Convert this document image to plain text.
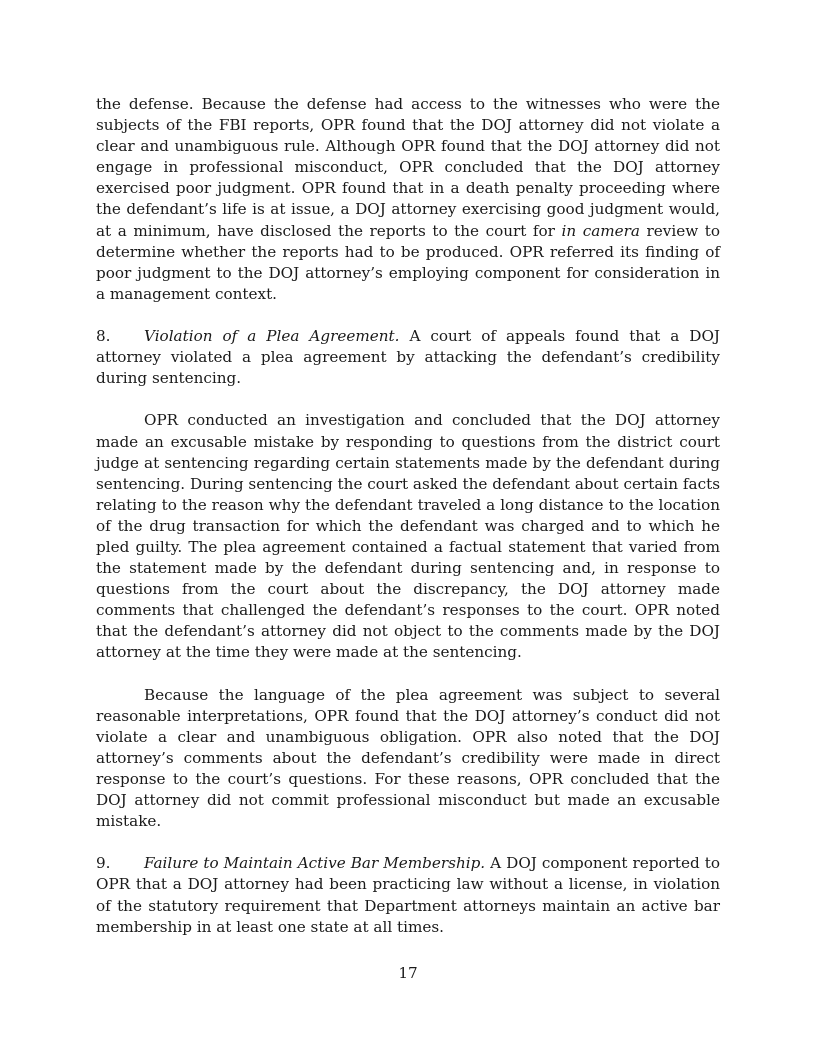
the defense. Because the defense had access to the witnesses who were the subjects of the FBI reports, OPR found that the DOJ attorney did not violate a clear and unambiguous rule. Although OPR found that the DOJ attorney did not engage in professional misconduct, OPR concluded that the DOJ attorney exercised poor judgment. OPR found that in a death penalty proceeding where the defendant’s life is at issue, a DOJ attorney exercising good judgment would, at a minimum, have disclosed the reports to the court for in camera review to determine whether the reports had to be produced. OPR referred its finding of poor judgment to the DOJ attorney’s employing component for consideration in a management context.

8. Violation of a Plea Agreement. A court of appeals found that a DOJ attorney violated a plea agreement by attacking the defendant’s credibility during sentencing.

OPR conducted an investigation and concluded that the DOJ attorney made an excusable mistake by responding to questions from the district court judge at sentencing regarding certain statements made by the defendant during sentencing. During sentencing the court asked the defendant about certain facts relating to the reason why the defendant traveled a long distance to the location of the drug transaction for which the defendant was charged and to which he pled guilty. The plea agreement contained a factual statement that varied from the statement made by the defendant during sentencing and, in response to questions from the court about the discrepancy, the DOJ attorney made comments that challenged the defendant’s responses to the court. OPR noted that the defendant’s attorney did not object to the comments made by the DOJ attorney at the time they were made at the sentencing.

Because the language of the plea agreement was subject to several reasonable interpretations, OPR found that the DOJ attorney’s conduct did not violate a clear and unambiguous obligation. OPR also noted that the DOJ attorney’s comments about the defendant’s credibility were made in direct response to the court’s questions. For these reasons, OPR concluded that the DOJ attorney did not commit professional misconduct but made an excusable mistake.

9. Failure to Maintain Active Bar Membership. A DOJ component reported to OPR that a DOJ attorney had been practicing law without a license, in violation of the statutory requirement that Department attorneys maintain an active bar membership in at least one state at all times.

17
